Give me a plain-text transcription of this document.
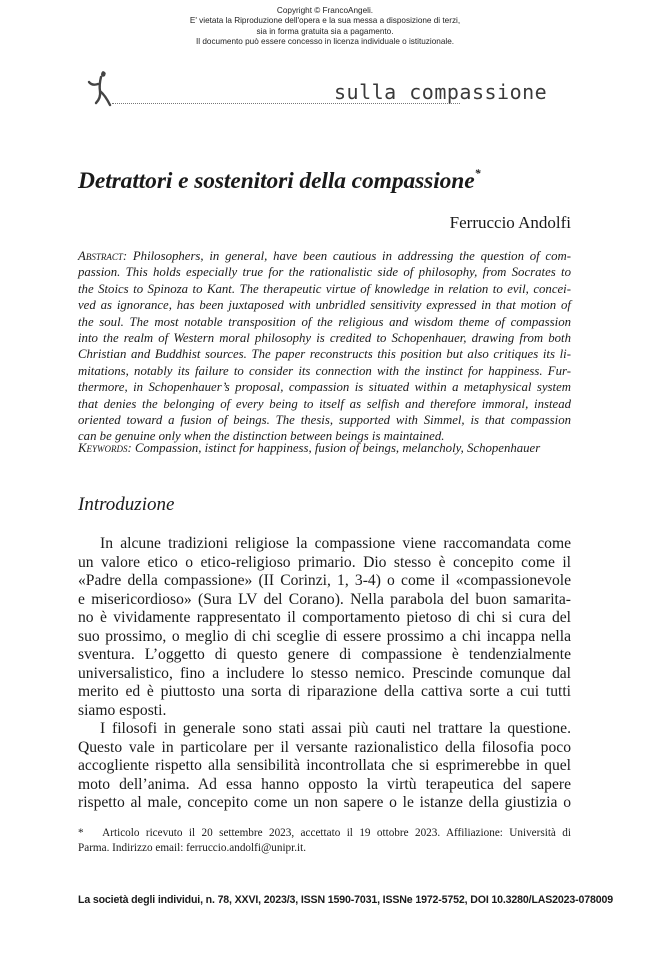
Copyright © FrancoAngeli.
E' vietata la Riproduzione dell'opera e la sua messa a disposizione di terzi,
sia in forma gratuita sia a pagamento.
Il documento può essere concesso in licenza individuale o istituzionale.
sulla compassione
Detrattori e sostenitori della compassione*
Ferruccio Andolfi
Abstract: Philosophers, in general, have been cautious in addressing the question of com-
passion. This holds especially true for the rationalistic side of philosophy, from Socrates to
the Stoics to Spinoza to Kant. The therapeutic virtue of knowledge in relation to evil, concei-
ved as ignorance, has been juxtaposed with unbridled sensitivity expressed in that motion of
the soul. The most notable transposition of the religious and wisdom theme of compassion
into the realm of Western moral philosophy is credited to Schopenhauer, drawing from both
Christian and Buddhist sources. The paper reconstructs this position but also critiques its li-
mitations, notably its failure to consider its connection with the instinct for happiness. Fur-
thermore, in Schopenhauer’s proposal, compassion is situated within a metaphysical system
that denies the belonging of every being to itself as selfish and therefore immoral, instead
oriented toward a fusion of beings. The thesis, supported with Simmel, is that compassion
can be genuine only when the distinction between beings is maintained.
Keywords: Compassion, istinct for happiness, fusion of beings, melancholy, Schopenhauer
Introduzione
In alcune tradizioni religiose la compassione viene raccomandata come
un valore etico o etico-religioso primario. Dio stesso è concepito come il
«Padre della compassione» (II Corinzi, 1, 3-4) o come il «compassionevole
e misericordioso» (Sura LV del Corano). Nella parabola del buon samarita-
no è vividamente rappresentato il comportamento pietoso di chi si cura del
suo prossimo, o meglio di chi sceglie di essere prossimo a chi incappa nella
sventura. L’oggetto di questo genere di compassione è tendenzialmente
universalistico, fino a includere lo stesso nemico. Prescinde comunque dal
merito ed è piuttosto una sorta di riparazione della cattiva sorte a cui tutti
siamo esposti.
I filosofi in generale sono stati assai più cauti nel trattare la questione.
Questo vale in particolare per il versante razionalistico della filosofia poco
accogliente rispetto alla sensibilità incontrollata che si esprimerebbe in quel
moto dell’anima. Ad essa hanno opposto la virtù terapeutica del sapere
rispetto al male, concepito come un non sapere o le istanze della giustizia o
* Articolo ricevuto il 20 settembre 2023, accettato il 19 ottobre 2023. Affiliazione: Università di
Parma. Indirizzo email: ferruccio.andolfi@unipr.it.
La società degli individui, n. 78, XXVI, 2023/3, ISSN 1590-7031, ISSNe 1972-5752, DOI 10.3280/LAS2023-078009
